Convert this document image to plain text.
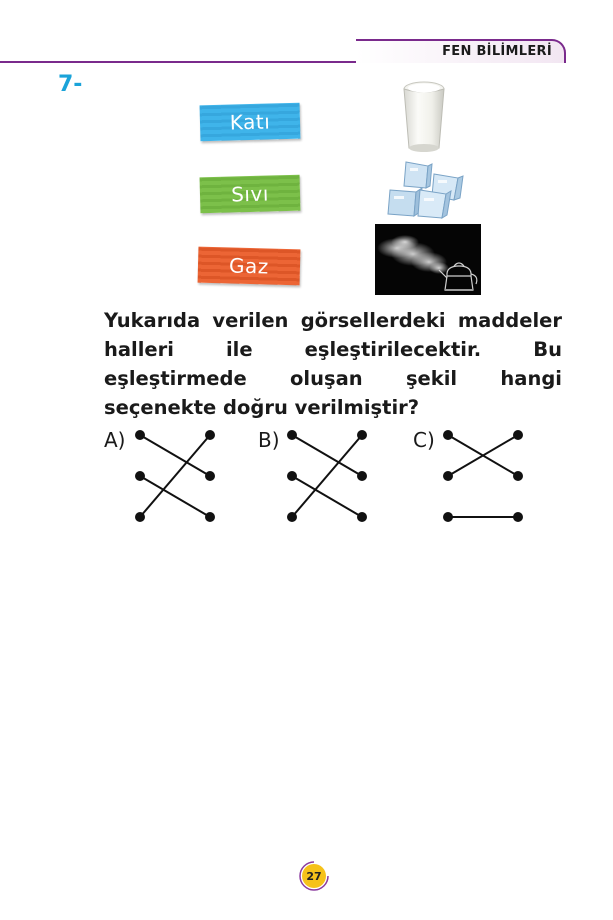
FEN BİLİMLERİ
7-
Katı
Sıvı
Gaz
Yukarıda verilen görsellerdeki maddeler halleri ile eşleştirilecektir. Bu eşleştirmede oluşan şekil hangi seçenekte doğru verilmiştir?
A)	B)	C)
27
